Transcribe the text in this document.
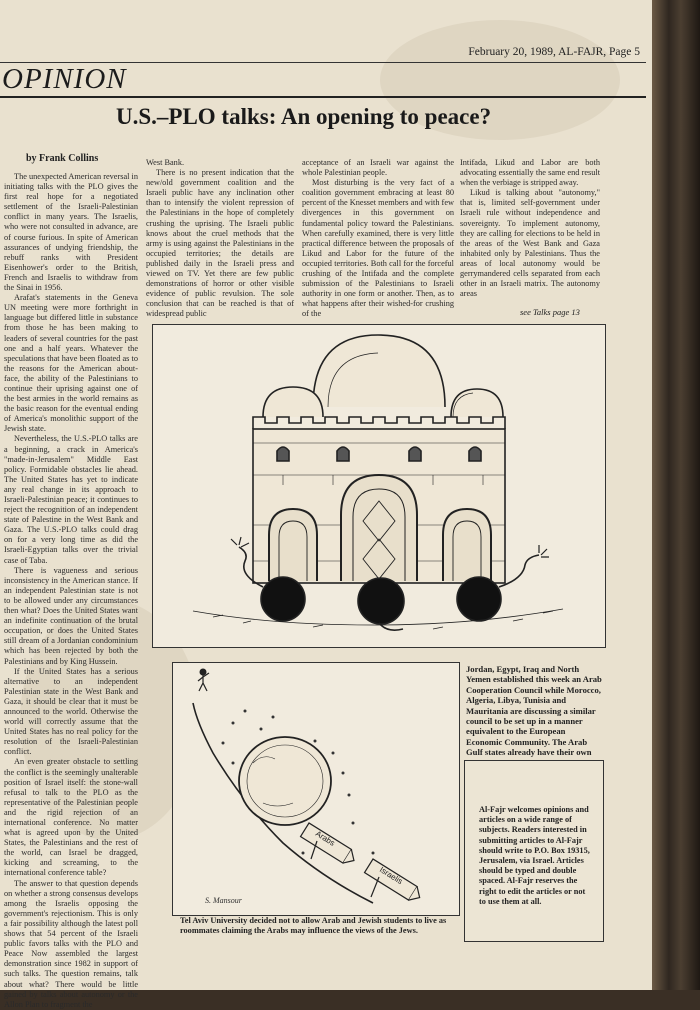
February 20, 1989, AL-FAJR, Page 5
OPINION
U.S.–PLO talks: An opening to peace?
by Frank Collins

The unexpected American reversal in initiating talks with the PLO gives the first real hope for a negotiated settlement of the Israeli-Palestinian conflict in many years. The Israelis, who were not consulted in advance, are of course furious. In spite of American assurances of undying friendship, the rebuff ranks with President Eisenhower's order to the British, French and Israelis to withdraw from the Sinai in 1956.

Arafat's statements in the Geneva UN meeting were more forthright in language but differed little in substance from those he has been making to leaders of several countries for the past one and a half years. Whatever the speculations that have been floated as to the reasons for the American about-face, the ability of the Palestinians to continue their uprising against one of the best armies in the world remains as the basic reason for the eventual ending of America's monolithic support of the Jewish state.

Nevertheless, the U.S.-PLO talks are a beginning, a crack in America's "made-in-Jerusalem" Middle East policy. Formidable obstacles lie ahead. The United States has yet to indicate any real change in its approach to Israeli-Palestinian peace; it continues to reject the recognition of an independent state of Palestine in the West Bank and Gaza. The U.S.-PLO talks could drag on for a very long time as did the Israeli-Egyptian talks over the trivial case of Taba.

There is vagueness and serious inconsistency in the American stance. If an independent Palestinian state is not to be allowed under any circumstances then what? Does the United States want an indefinite continuation of the brutal occupation, or does the United States still dream of a Jordanian condominium which has been rejected by both the Palestinians and by King Hussein.

If the United States has a serious alternative to an independent Palestinian state in the West Bank and Gaza, it should be clear that it must be announced to the world. Otherwise the world will correctly assume that the United States has no real policy for the resolution of the Israeli-Palestinian conflict.

An even greater obstacle to settling the conflict is the seemingly unalterable position of Israel itself: the stone-wall refusal to talk to the PLO as the representative of the Palestinian people and the rigid rejection of an international conference. No matter what is agreed upon by the United States, the Palestinians and the rest of the world, can Israel be dragged, kicking and screaming, to the international conference table?

The answer to that question depends on whether a strong consensus develops among the Israelis opposing the government's rejectionism. This is only a fair possibility although the latest poll shows that 54 percent of the Israeli public favors talks with the PLO and Peace Now assembled the largest demonstration since 1982 in support of such talks. The question remains, talk about what? There would be little gained by talks about autonomy or the Allon Plan to fragment the

West Bank.

There is no present indication that the new/old government coalition and the Israeli public have any inclination other than to intensify the violent repression of the Palestinians in the hope of completely crushing the uprising. The Israeli public knows about the cruel methods that the army is using against the Palestinians in the occupied territories; the details are published daily in the Israeli press and viewed on TV. Yet there are few public demonstrations of horror or other visible evidence of public revulsion. The sole conclusion that can be reached is that of widespread public

acceptance of an Israeli war against the whole Palestinian people.

Most disturbing is the very fact of a coalition government embracing at least 80 percent of the Knesset members and with few divergences in this government on fundamental policy toward the Palestinians. When carefully examined, there is very little practical difference between the proposals of Likud and Labor for the future of the occupied territories. Both call for the forceful crushing of the Intifada and the complete submission of the Palestinians to Israeli authority in one form or another. Then, as to what happens after their wished-for crushing of the

Intifada, Likud and Labor are both advocating essentially the same end result when the verbiage is stripped away.

Likud is talking about "autonomy," that is, limited self-government under Israeli rule without independence and sovereignty. To implement autonomy, they are calling for elections to be held in the areas of the West Bank and Gaza inhabited only by Palestinians. Thus the areas of local autonomy would be gerrymandered cells separated from each other in an Israeli matrix. The autonomy areas

see Talks page 13
Arabs
Israelis
S. Mansour
Tel Aviv University decided not to allow Arab and Jewish students to live as roommates claiming the Arabs may influence the views of the Jews.
Jordan, Egypt, Iraq and North Yemen established this week an Arab Cooperation Council while Morocco, Algeria, Libya, Tunisia and Mauritania are discussing a similar council to be set up in a manner equivalent to the European Economic Community. The Arab Gulf states already have their own
Al-Fajr welcomes opinions and articles on a wide range of subjects. Readers interested in submitting articles to Al-Fajr should write to P.O. Box 19315, Jerusalem, via Israel. Articles should be typed and double spaced. Al-Fajr reserves the right to edit the articles or not to use them at all.
